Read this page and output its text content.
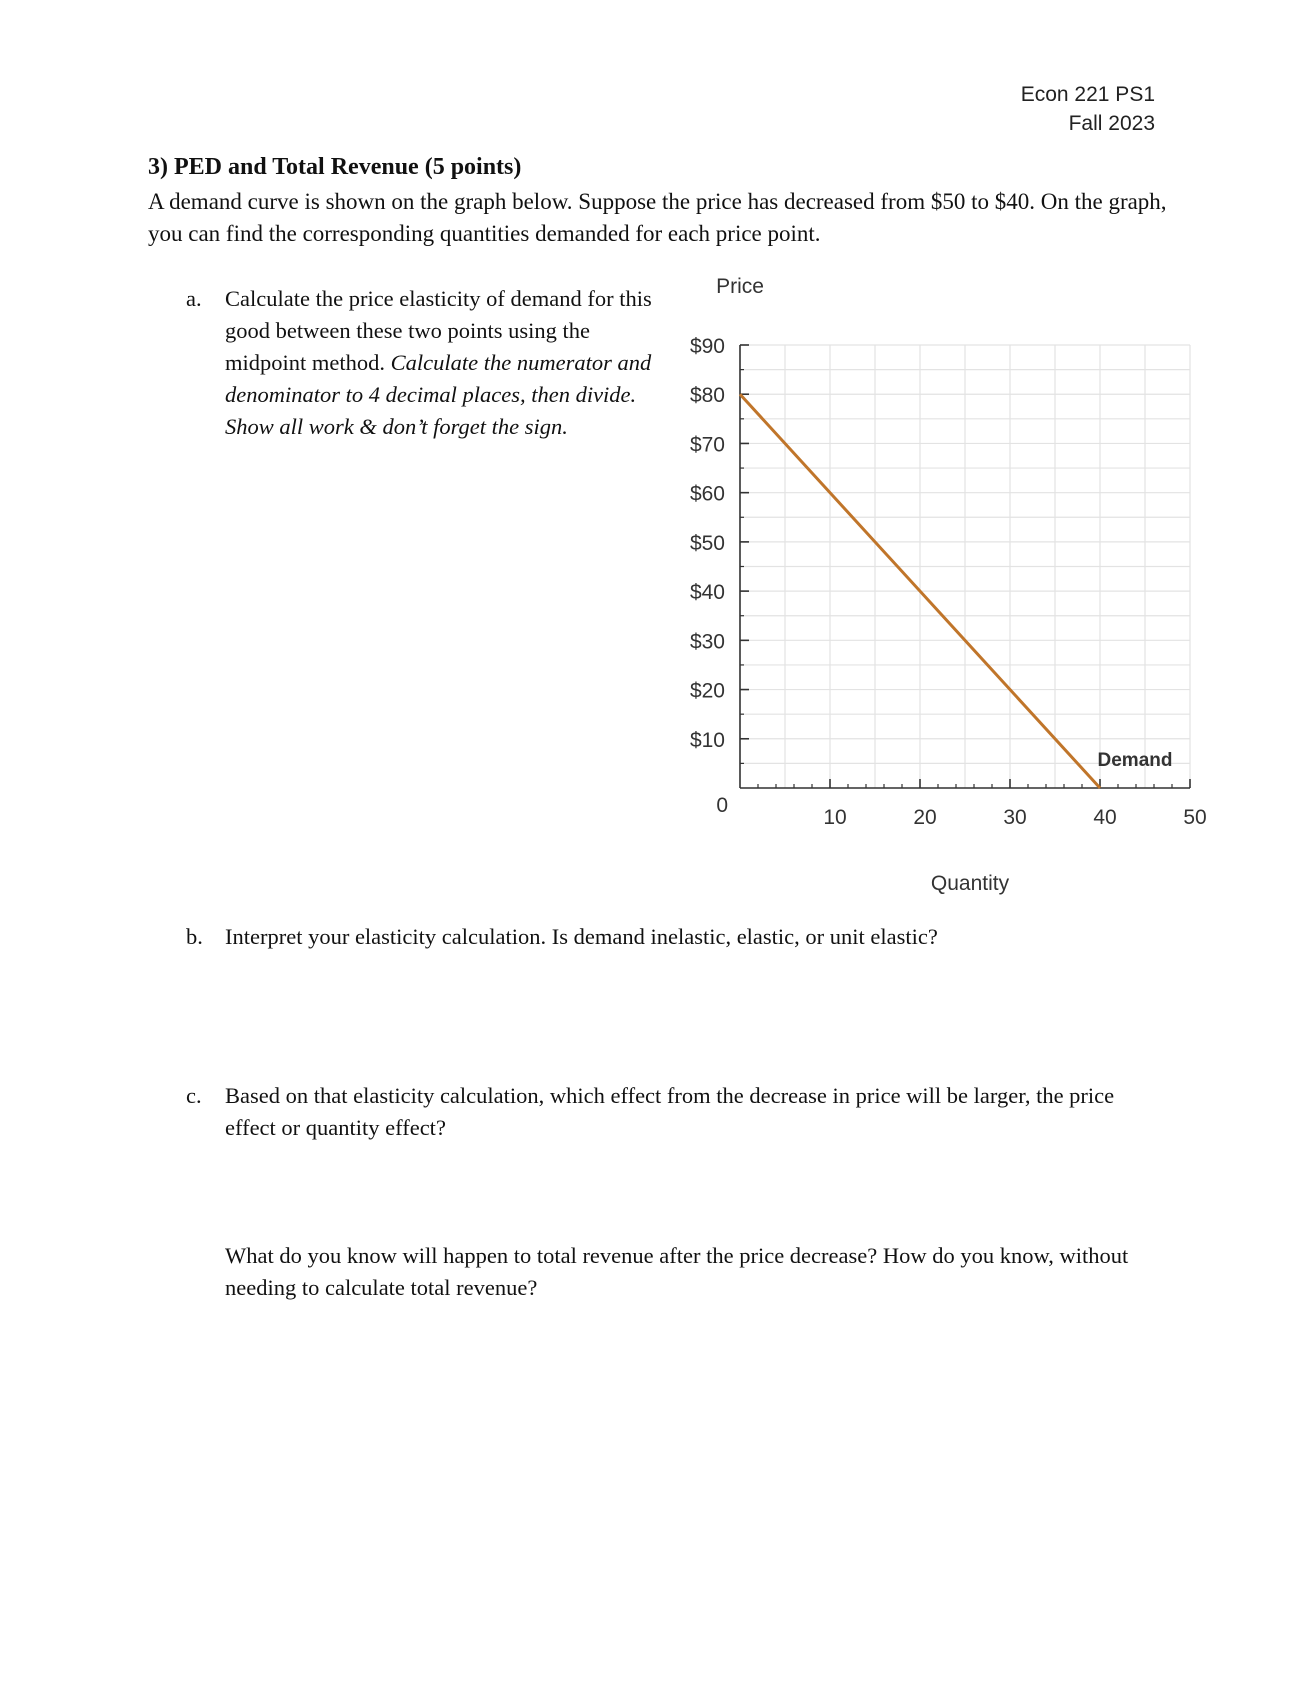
Econ 221 PS1
Fall 2023
3) PED and Total Revenue (5 points)
A demand curve is shown on the graph below. Suppose the price has decreased from $50 to $40. On the graph, you can find the corresponding quantities demanded for each price point.
a. Calculate the price elasticity of demand for this good between these two points using the midpoint method. Calculate the numerator and denominator to 4 decimal places, then divide. Show all work & don’t forget the sign.
$10
$20
$30
$40
$50
$60
$70
$80
$90
10	20	30	40	50
0
Price
Quantity
Demand
b. Interpret your elasticity calculation. Is demand inelastic, elastic, or unit elastic?
c. Based on that elasticity calculation, which effect from the decrease in price will be larger, the price effect or quantity effect?
What do you know will happen to total revenue after the price decrease? How do you know, without needing to calculate total revenue?
